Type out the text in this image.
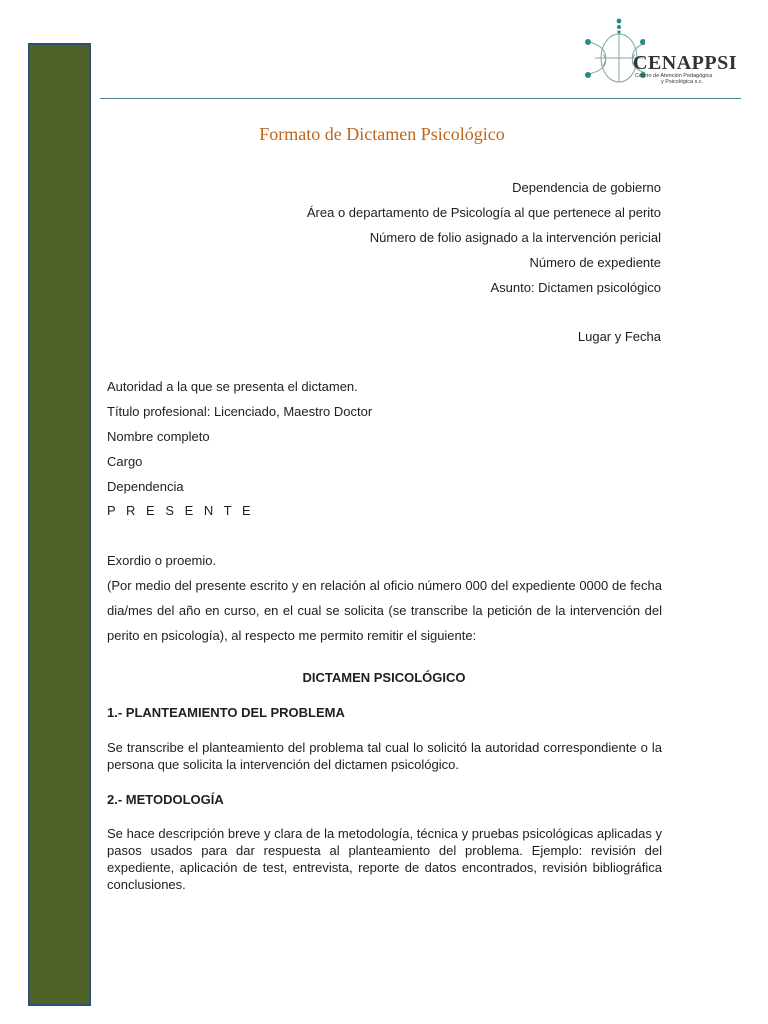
CENAPPSI
Centro de Atención Pedagógica
y Psicológica s.c.
Formato de Dictamen Psicológico
Dependencia de gobierno
Área o departamento de Psicología al que pertenece al perito
Número de folio asignado a la intervención pericial
Número de expediente
Asunto: Dictamen psicológico
Lugar y Fecha
Autoridad a la que se presenta el dictamen.
Título profesional: Licenciado, Maestro Doctor
Nombre completo
Cargo
Dependencia
P R E S E N T E
Exordio o proemio.
(Por medio del presente escrito y en relación al oficio número 000 del expediente 0000 de fecha dia/mes del año en curso, en el cual se solicita (se transcribe la petición de la intervención del perito en psicología), al respecto me permito remitir el siguiente:
DICTAMEN PSICOLÓGICO
1.- PLANTEAMIENTO DEL PROBLEMA
Se transcribe el planteamiento del problema tal cual lo solicitó la autoridad correspondiente o la persona que solicita la intervención del dictamen psicológico.
2.- METODOLOGÍA
Se hace descripción breve y clara de la metodología, técnica y pruebas psicológicas aplicadas y pasos usados para dar respuesta al planteamiento del problema. Ejemplo: revisión del expediente, aplicación de test, entrevista, reporte de datos encontrados, revisión bibliográfica conclusiones.
